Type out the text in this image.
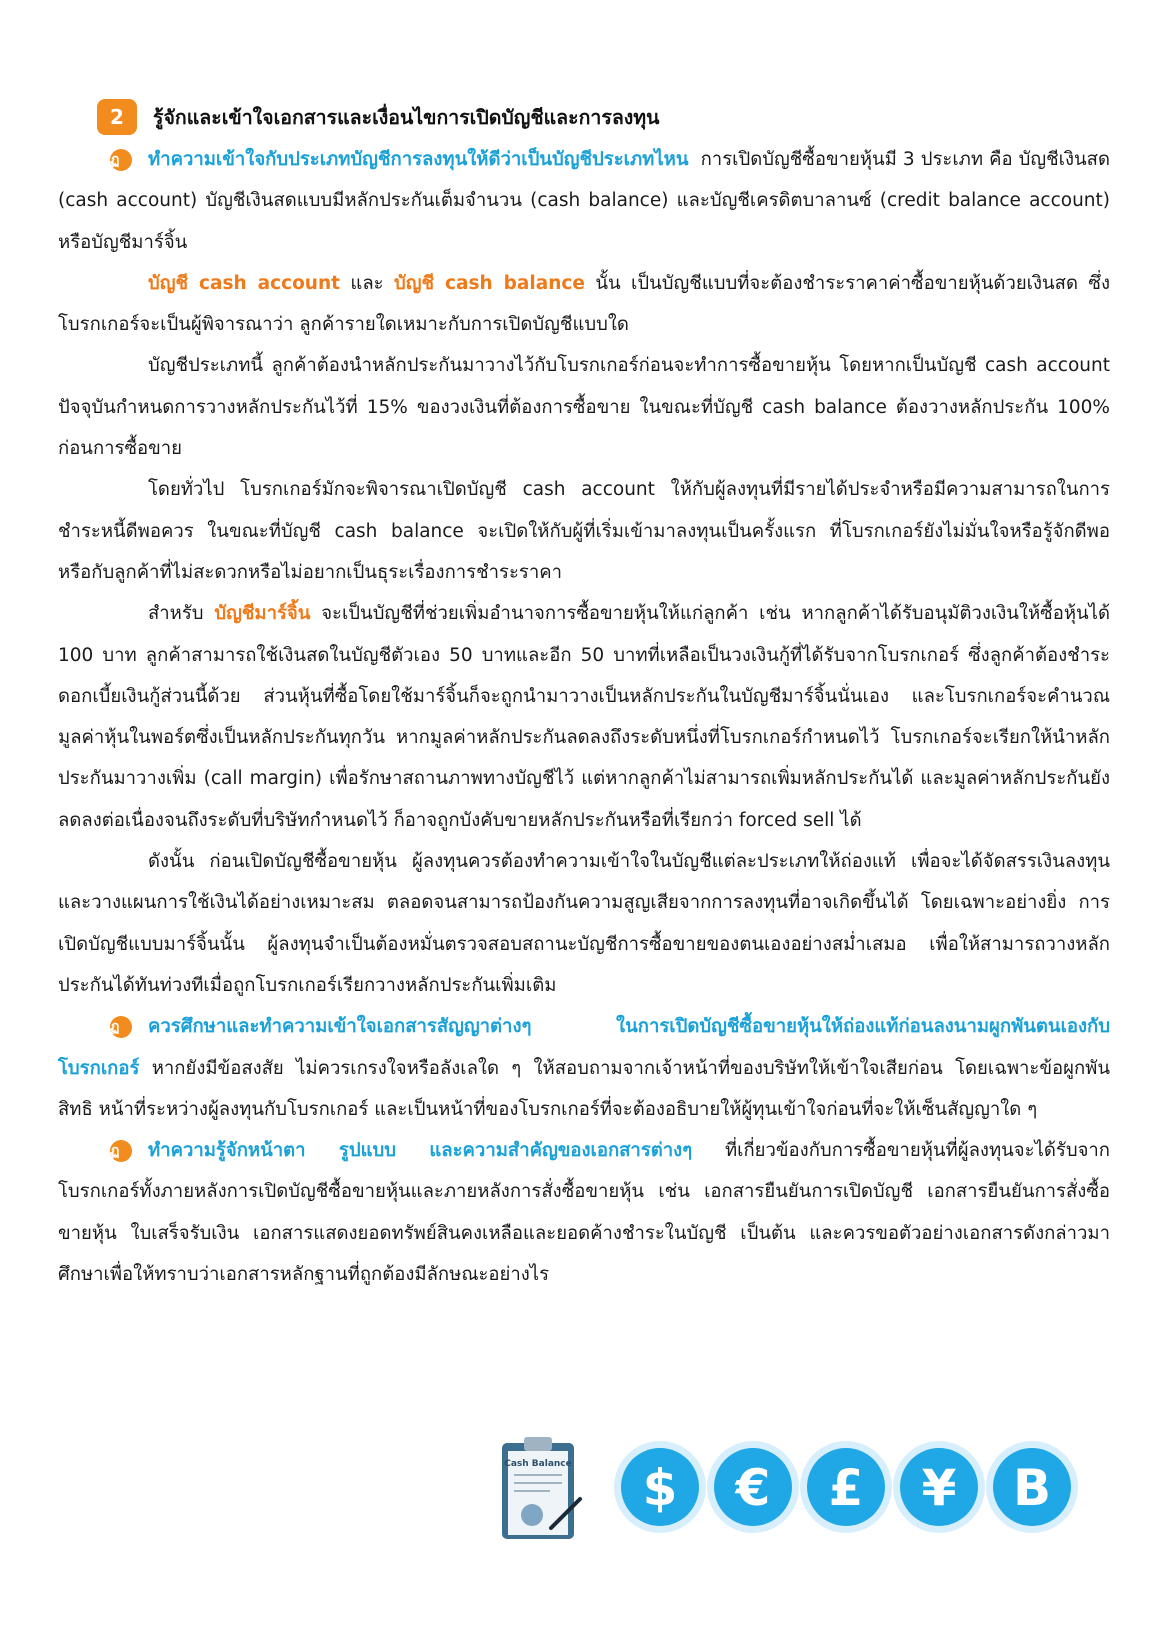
2	รู้จักและเข้าใจเอกสารและเงื่อนไขการเปิดบัญชีและการลงทุน

ฏ ทำความเข้าใจกับประเภทบัญชีการลงทุนให้ดีว่าเป็นบัญชีประเภทไหน การเปิดบัญชีซื้อขายหุ้นมี 3 ประเภท คือ บัญชีเงินสด (cash account) บัญชีเงินสดแบบมีหลักประกันเต็มจำนวน (cash balance) และบัญชีเครดิตบาลานซ์ (credit balance account) หรือบัญชีมาร์จิ้น

บัญชี cash account และ บัญชี cash balance นั้น เป็นบัญชีแบบที่จะต้องชำระราคาค่าซื้อขายหุ้นด้วยเงินสด ซึ่งโบรกเกอร์จะเป็นผู้พิจารณาว่า ลูกค้ารายใดเหมาะกับการเปิดบัญชีแบบใด

บัญชีประเภทนี้ ลูกค้าต้องนำหลักประกันมาวางไว้กับโบรกเกอร์ก่อนจะทำการซื้อขายหุ้น โดยหากเป็นบัญชี cash account ปัจจุบันกำหนดการวางหลักประกันไว้ที่ 15% ของวงเงินที่ต้องการซื้อขาย ในขณะที่บัญชี cash balance ต้องวางหลักประกัน 100% ก่อนการซื้อขาย

โดยทั่วไป โบรกเกอร์มักจะพิจารณาเปิดบัญชี cash account ให้กับผู้ลงทุนที่มีรายได้ประจำหรือมีความสามารถในการชำระหนี้ดีพอควร ในขณะที่บัญชี cash balance จะเปิดให้กับผู้ที่เริ่มเข้ามาลงทุนเป็นครั้งแรก ที่โบรกเกอร์ยังไม่มั่นใจหรือรู้จักดีพอ หรือกับลูกค้าที่ไม่สะดวกหรือไม่อยากเป็นธุระเรื่องการชำระราคา

สำหรับ บัญชีมาร์จิ้น จะเป็นบัญชีที่ช่วยเพิ่มอำนาจการซื้อขายหุ้นให้แก่ลูกค้า เช่น หากลูกค้าได้รับอนุมัติวงเงินให้ซื้อหุ้นได้ 100 บาท ลูกค้าสามารถใช้เงินสดในบัญชีตัวเอง 50 บาทและอีก 50 บาทที่เหลือเป็นวงเงินกู้ที่ได้รับจากโบรกเกอร์ ซึ่งลูกค้าต้องชำระดอกเบี้ยเงินกู้ส่วนนี้ด้วย ส่วนหุ้นที่ซื้อโดยใช้มาร์จิ้นก็จะถูกนำมาวางเป็นหลักประกันในบัญชีมาร์จิ้นนั่นเอง และโบรกเกอร์จะคำนวณมูลค่าหุ้นในพอร์ตซึ่งเป็นหลักประกันทุกวัน หากมูลค่าหลักประกันลดลงถึงระดับหนึ่งที่โบรกเกอร์กำหนดไว้ โบรกเกอร์จะเรียกให้นำหลักประกันมาวางเพิ่ม (call margin) เพื่อรักษาสถานภาพทางบัญชีไว้ แต่หากลูกค้าไม่สามารถเพิ่มหลักประกันได้ และมูลค่าหลักประกันยังลดลงต่อเนื่องจนถึงระดับที่บริษัทกำหนดไว้ ก็อาจถูกบังคับขายหลักประกันหรือที่เรียกว่า forced sell ได้

ดังนั้น ก่อนเปิดบัญชีซื้อขายหุ้น ผู้ลงทุนควรต้องทำความเข้าใจในบัญชีแต่ละประเภทให้ถ่องแท้ เพื่อจะได้จัดสรรเงินลงทุน และวางแผนการใช้เงินได้อย่างเหมาะสม ตลอดจนสามารถป้องกันความสูญเสียจากการลงทุนที่อาจเกิดขึ้นได้ โดยเฉพาะอย่างยิ่ง การเปิดบัญชีแบบมาร์จิ้นนั้น ผู้ลงทุนจำเป็นต้องหมั่นตรวจสอบสถานะบัญชีการซื้อขายของตนเองอย่างสม่ำเสมอ เพื่อให้สามารถวางหลักประกันได้ทันท่วงทีเมื่อถูกโบรกเกอร์เรียกวางหลักประกันเพิ่มเติม

ฏ ควรศึกษาและทำความเข้าใจเอกสารสัญญาต่างๆ ในการเปิดบัญชีซื้อขายหุ้นให้ถ่องแท้ก่อนลงนามผูกพันตนเองกับโบรกเกอร์ หากยังมีข้อสงสัย ไม่ควรเกรงใจหรือลังเลใด ๆ ให้สอบถามจากเจ้าหน้าที่ของบริษัทให้เข้าใจเสียก่อน โดยเฉพาะข้อผูกพัน สิทธิ หน้าที่ระหว่างผู้ลงทุนกับโบรกเกอร์ และเป็นหน้าที่ของโบรกเกอร์ที่จะต้องอธิบายให้ผู้ทุนเข้าใจก่อนที่จะให้เซ็นสัญญาใด ๆ

ฏ ทำความรู้จักหน้าตา รูปแบบ และความสำคัญของเอกสารต่างๆ ที่เกี่ยวข้องกับการซื้อขายหุ้นที่ผู้ลงทุนจะได้รับจากโบรกเกอร์ทั้งภายหลังการเปิดบัญชีซื้อขายหุ้นและภายหลังการสั่งซื้อขายหุ้น เช่น เอกสารยืนยันการเปิดบัญชี เอกสารยืนยันการสั่งซื้อขายหุ้น ใบเสร็จรับเงิน เอกสารแสดงยอดทรัพย์สินคงเหลือและยอดค้างชำระในบัญชี เป็นต้น และควรขอตัวอย่างเอกสารดังกล่าวมาศึกษาเพื่อให้ทราบว่าเอกสารหลักฐานที่ถูกต้องมีลักษณะอย่างไร

Cash Balance $ € £ ¥ B
